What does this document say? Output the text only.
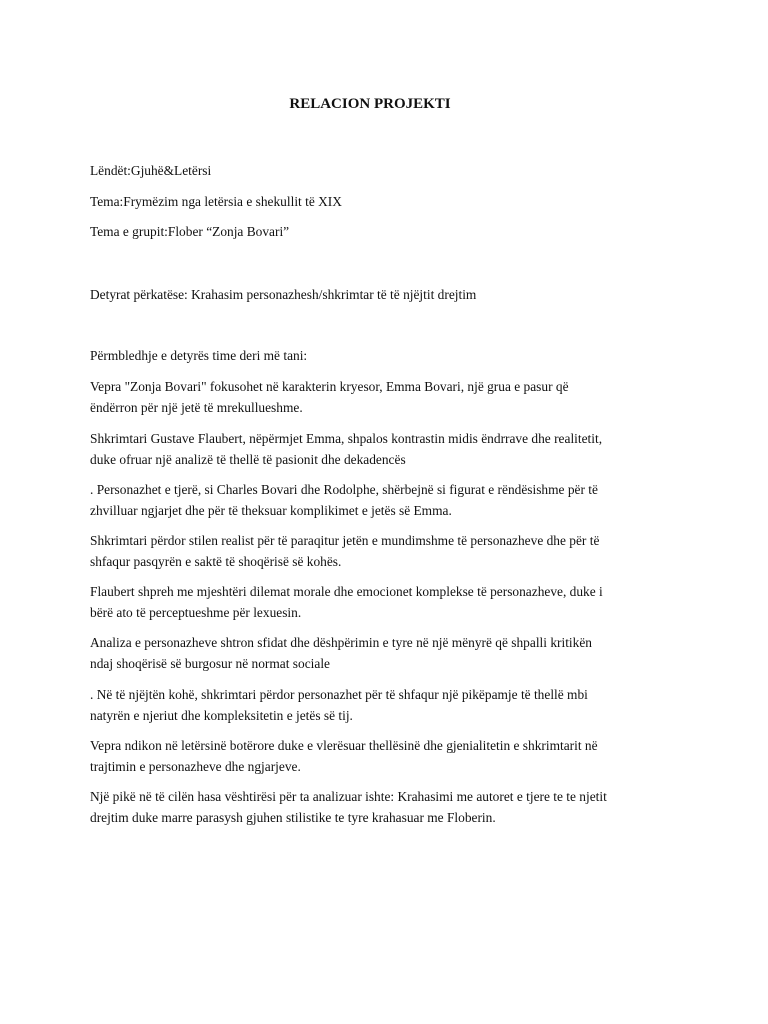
RELACION PROJEKTI
Lëndët:Gjuhë&Letërsi
Tema:Frymëzim nga letërsia e shekullit të XIX
Tema e grupit:Flober “Zonja Bovari”
Detyrat përkatëse: Krahasim personazhesh/shkrimtar të të njëjtit drejtim
Përmbledhje e detyrës time deri më tani:
Vepra "Zonja Bovari" fokusohet në karakterin kryesor, Emma Bovari, një grua e pasur që
ëndërron për një jetë të mrekullueshme.
Shkrimtari Gustave Flaubert, nëpërmjet Emma, shpalos kontrastin midis ëndrrave dhe realitetit,
duke ofruar një analizë të thellë të pasionit dhe dekadencës
. Personazhet e tjerë, si Charles Bovari dhe Rodolphe, shërbejnë si figurat e rëndësishme për të
zhvilluar ngjarjet dhe për të theksuar komplikimet e jetës së Emma.
Shkrimtari përdor stilen realist për të paraqitur jetën e mundimshme të personazheve dhe për të
shfaqur pasqyrën e saktë të shoqërisë së kohës.
Flaubert shpreh me mjeshtëri dilemat morale dhe emocionet komplekse të personazheve, duke i
bërë ato të perceptueshme për lexuesin.
Analiza e personazheve shtron sfidat dhe dëshpërimin e tyre në një mënyrë që shpalli kritikën
ndaj shoqërisë së burgosur në normat sociale
. Në të njëjtën kohë, shkrimtari përdor personazhet për të shfaqur një pikëpamje të thellë mbi
natyrën e njeriut dhe kompleksitetin e jetës së tij.
Vepra ndikon në letërsinë botërore duke e vlerësuar thellësinë dhe gjenialitetin e shkrimtarit në
trajtimin e personazheve dhe ngjarjeve.
Një pikë në të cilën hasa vështirësi për ta analizuar ishte: Krahasimi me autoret e tjere te te njetit
drejtim duke marre parasysh gjuhen stilistike te tyre krahasuar me Floberin.
